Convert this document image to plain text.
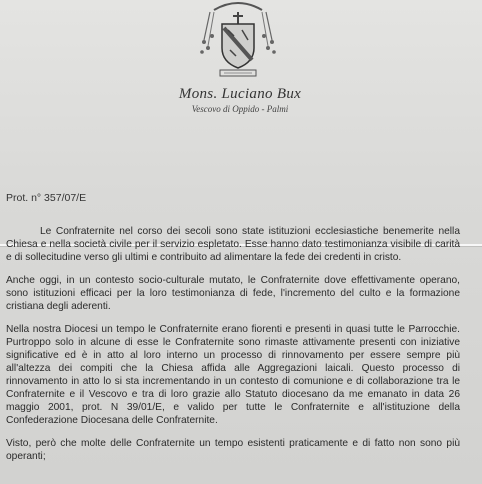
Mons. Luciano Bux
Vescovo di Oppido - Palmi
Prot. n° 357/07/E

Le Confraternite nel corso dei secoli sono state istituzioni ecclesiastiche benemerite nella Chiesa e nella società civile per il servizio espletato. Esse hanno dato testimonianza visibile di carità e di sollecitudine verso gli ultimi e contribuito ad alimentare la fede dei credenti in cristo.

Anche oggi, in un contesto socio-culturale mutato, le Confraternite dove effettivamente operano, sono istituzioni efficaci per la loro testimonianza di fede, l'incremento del culto e la formazione cristiana degli aderenti.

Nella nostra Diocesi un tempo le Confraternite erano fiorenti e presenti in quasi tutte le Parrocchie. Purtroppo solo in alcune di esse le Confraternite sono rimaste attivamente presenti con iniziative significative ed è in atto al loro interno un processo di rinnovamento per essere sempre più all'altezza dei compiti che la Chiesa affida alle Aggregazioni laicali. Questo processo di rinnovamento in atto lo si sta incrementando in un contesto di comunione e di collaborazione tra le Confraternite e il Vescovo e tra di loro grazie allo Statuto diocesano da me emanato in data 26 maggio 2001, prot. N 39/01/E, e valido per tutte le Confraternite e all'istituzione della Confederazione Diocesana delle Confraternite.

Visto, però che molte delle Confraternite un tempo esistenti praticamente e di fatto non sono più operanti;
